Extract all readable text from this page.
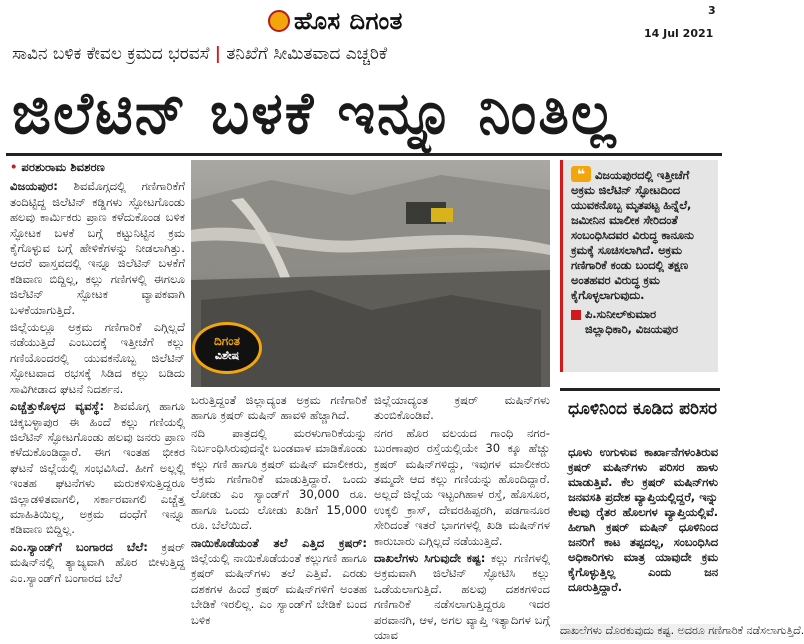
ಹೊಸ ದಿಗಂತ	3
14 Jul 2021
ಸಾವಿನ ಬಳಿಕ ಕೇವಲ ಕ್ರಮದ ಭರವಸೆ | ತನಿಖೆಗೆ ಸೀಮಿತವಾದ ಎಚ್ಚರಿಕೆ
ಜಿಲೆಟಿನ್ ಬಳಕೆ ಇನ್ನೂ ನಿಂತಿಲ್ಲ
• ಪರಶುರಾಮ ಶಿವಶರಣ

ವಿಜಯಪುರ: ಶಿವಮೊಗ್ಗದಲ್ಲಿ ಗಣಿಗಾರಿಕೆಗೆ ತಂದಿಟ್ಟಿದ್ದ ಜಿಲೆಟಿನ್ ಕಡ್ಡಿಗಳು ಸ್ಫೋಟಗೊಂಡು ಹಲವು ಕಾರ್ಮಿಕರು ಪ್ರಾಣ ಕಳೆದುಕೊಂಡ ಬಳಿಕ ಸ್ಫೋಟಕ ಬಳಕೆ ಬಗ್ಗೆ ಕಟ್ಟುನಿಟ್ಟಿನ ಕ್ರಮ ಕೈಗೊಳ್ಳುವ ಬಗ್ಗೆ ಹೇಳಿಕೆಗಳನ್ನು ನೀಡಲಾಗಿತ್ತು. ಆದರೆ ವಾಸ್ತವದಲ್ಲಿ ಇನ್ನೂ ಜಿಲೆಟಿನ್ ಬಳಕೆಗೆ ಕಡಿವಾಣ ಬಿದ್ದಿಲ್ಲ, ಕಲ್ಲು ಗಣಿಗಳಲ್ಲಿ ಈಗಲೂ ಜಿಲೆಟಿನ್ ಸ್ಫೋಟಕ ವ್ಯಾಪಕವಾಗಿ ಬಳಕೆಯಾಗುತ್ತಿದೆ.

ಜಿಲ್ಲೆಯಲ್ಲೂ ಅಕ್ರಮ ಗಣಿಗಾರಿಕೆ ಎಗ್ಗಿಲ್ಲದೆ ನಡೆಯುತ್ತಿದೆ ಎಂಬುದಕ್ಕೆ ಇತ್ತೀಚೆಗೆ ಕಲ್ಲು ಗಣಿಯೊಂದರಲ್ಲಿ ಯುವಕನೊಬ್ಬ ಜಿಲೆಟಿನ್ ಸ್ಫೋಟವಾದ ರಭಸಕ್ಕೆ ಸಿಡಿದ ಕಲ್ಲು ಬಡಿದು ಸಾವಿಗೀಡಾದ ಘಟನೆ ನಿದರ್ಶನ.

ಎಚ್ಚೆತ್ತುಕೊಳ್ಳದ ವ್ಯವಸ್ಥೆ: ಶಿವಮೊಗ್ಗ ಹಾಗೂ ಚಿಕ್ಕಬಳ್ಳಾಪುರ ಈ ಹಿಂದೆ ಕಲ್ಲು ಗಣಿಯಲ್ಲಿ ಜಿಲೆಟಿನ್ ಸ್ಫೋಟಗೊಂಡು ಹಲವು ಜನರು ಪ್ರಾಣ ಕಳೆದುಕೊಂಡಿದ್ದಾರೆ. ಈಗ ಇಂತಹ ಭೀಕರ ಘಟನೆ ಜಿಲ್ಲೆಯಲ್ಲಿ ಸಂಭವಿಸಿದೆ. ಹೀಗೆ ಅಲ್ಲಲ್ಲಿ ಇಂತಹ ಘಟನೆಗಳು ಮರುಕಳಿಸುತ್ತಿದ್ದರೂ ಜಿಲ್ಲಾಡಳಿತವಾಗಲಿ, ಸರ್ಕಾರವಾಗಲಿ ಎಚ್ಚೆತ್ತ ಮಾಹಿತಿಯಿಲ್ಲ, ಅಕ್ರಮ ದಂಧೆಗೆ ಇನ್ನೂ ಕಡಿವಾಣ ಬಿದ್ದಿಲ್ಲ.

ಎಂ.ಸ್ಯಾಂಡ್‌ಗೆ ಬಂಗಾರದ ಬೆಲೆ: ಕ್ರಷರ್ ಮಷಿನ್‌ನಲ್ಲಿ ತ್ಯಾಜ್ಯವಾಗಿ ಹೊರ ಬೀಳುತ್ತಿದ್ದ ಎಂ.ಸ್ಯಾಂಡ್‌ಗೆ ಬಂಗಾರದ ಬೆಲೆ

ದಿಗಂತ
ವಿಶೇಷ

ಬರುತ್ತಿದ್ದಂತೆ ಜಿಲ್ಲಾದ್ಯಂತ ಅಕ್ರಮ ಗಣಿಗಾರಿಕೆ ಹಾಗೂ ಕ್ರಷರ್ ಮಷಿನ್ ಹಾವಳಿ ಹೆಚ್ಚಾಗಿದೆ.

ನದಿ ಪಾತ್ರದಲ್ಲಿ ಮರಳುಗಾರಿಕೆಯನ್ನು ನಿರ್ಬಂಧಿಸಿರುವುದನ್ನೇ ಬಂಡವಾಳ ಮಾಡಿಕೊಂಡು ಕಲ್ಲು ಗಣಿ ಹಾಗೂ ಕ್ರಷರ್ ಮಷಿನ್ ಮಾಲೀಕರು, ಅಕ್ರಮ ಗಣಿಗಾರಿಕೆ ಮಾಡುತ್ತಿದ್ದಾರೆ. ಒಂದು ಲೋಡು ಎಂ ಸ್ಯಾಂಡ್‌ಗೆ 30,000 ರೂ. ಹಾಗೂ ಒಂದು ಲೋಡು ಖಡಿಗೆ 15,000 ರೂ. ಬೆಲೆಯಿದೆ.

ನಾಯಿಕೊಡೆಯಂತೆ ತಲೆ ಎತ್ತಿದ ಕ್ರಷರ್: ಜಿಲ್ಲೆಯಲ್ಲಿ ನಾಯಿಕೊಡೆಯಂತೆ ಕಲ್ಲುಗಣಿ ಹಾಗೂ ಕ್ರಷರ್ ಮಷಿನ್‌ಗಳು ತಲೆ ಎತ್ತಿವೆ. ಎರಡು ದಶಕಗಳ ಹಿಂದೆ ಕ್ರಷರ್ ಮಷಿನ್‌ಗಳಿಗೆ ಅಂತಹ ಬೇಡಿಕೆ ಇರಲಿಲ್ಲ. ಎಂ ಸ್ಯಾಂಡ್‌ಗೆ ಬೇಡಿಕೆ ಬಂದ ಬಳಿಕ

ಜಿಲ್ಲೆಯಾದ್ಯಂತ ಕ್ರಷರ್ ಮಷಿನ್‌ಗಳು ತುಂಬಿಕೊಂಡಿವೆ.

ನಗರ ಹೊರ ವಲಯದ ಗಾಂಧಿ ನಗರ- ಬುರಣಾಪುರ ರಸ್ತೆಯಲ್ಲಿಯೇ 30 ಕ್ಕೂ ಹೆಚ್ಚು ಕ್ರಷರ್ ಮಷಿನ್‌ಗಳಿದ್ದು, ಇವುಗಳ ಮಾಲೀಕರು ತಮ್ಮದೇ ಆದ ಕಲ್ಲು ಗಣಿಯನ್ನು ಹೊಂದಿದ್ದಾರೆ. ಅಲ್ಲದೆ ಜಿಲ್ಲೆಯ ಇಟ್ಟಂಗಿಹಾಳ ರಸ್ತೆ, ಹೊಸೂರ, ಉಕ್ಕಲಿ ಕ್ರಾಸ್, ದೇವರಹಿಪ್ಪರಗಿ, ಪಡಗಾನೂರ ಸೇರಿದಂತೆ ಇತರೆ ಭಾಗಗಳಲ್ಲಿ ಖಡಿ ಮಷಿನ್‌ಗಳ ಕಾರುಬಾರು ಎಗ್ಗಿಲ್ಲದೆ ನಡೆಯುತ್ತಿದೆ.

ದಾಖಲೆಗಳು ಸಿಗುವುದೇ ಕಷ್ಟ: ಕಲ್ಲು ಗಣಿಗಳಲ್ಲಿ ಅಕ್ರಮವಾಗಿ ಜಿಲೆಟಿನ್ ಸ್ಫೋಟಿಸಿ ಕಲ್ಲು ಒಡೆಯಲಾಗುತ್ತಿದೆ. ಹಲವು ದಶಕಗಳಿಂದ ಗಣಿಗಾರಿಕೆ ನಡೆಸಲಾಗುತ್ತಿದ್ದರೂ ಇದರ ಪರವಾನಗಿ, ಆಳ, ಅಗಲ ವ್ಯಾಪ್ತಿ ಇತ್ಯಾದಿಗಳ ಬಗ್ಗೆ ಯಾವ

❝ ವಿಜಯಪುರದಲ್ಲಿ ಇತ್ತೀಚೆಗೆ ಅಕ್ರಮ ಜಿಲೆಟಿನ್ ಸ್ಫೋಟದಿಂದ ಯುವಕನೊಬ್ಬ ಮೃತಪಟ್ಟ ಹಿನ್ನೆಲೆ, ಜಮೀನಿನ ಮಾಲೀಕ ಸೇರಿದಂತೆ ಸಂಬಂಧಿಸಿದವರ ವಿರುದ್ಧ ಕಾನೂನು ಕ್ರಮಕ್ಕೆ ಸೂಚಿಸಲಾಗಿದೆ. ಅಕ್ರಮ ಗಣಿಗಾರಿಕೆ ಕಂಡು ಬಂದಲ್ಲಿ ತಕ್ಷಣ ಅಂತಹವರ ವಿರುದ್ಧ ಕ್ರಮ ಕೈಗೊಳ್ಳಲಾಗುವುದು.
ಪಿ.ಸುನೀಲ್‌ಕುಮಾರ
ಜಿಲ್ಲಾಧಿಕಾರಿ, ವಿಜಯಪುರ
ಧೂಳಿನಿಂದ ಕೂಡಿದ ಪರಿಸರ
ಧೂಳು ಉಗುಳುವ ಕಾರ್ಖಾನೆಗಳಂತಿರುವ ಕ್ರಷರ್ ಮಷಿನ್‌ಗಳು ಪರಿಸರ ಹಾಳು ಮಾಡುತ್ತಿವೆ. ಕೆಲ ಕ್ರಷರ್ ಮಷಿನ್‌ಗಳು ಜನವಸತಿ ಪ್ರದೇಶ ವ್ಯಾಪ್ತಿಯಲ್ಲಿದ್ದರೆ, ಇನ್ನು ಕೆಲವು ರೈತರ ಹೊಲಗಳ ವ್ಯಾಪ್ತಿಯಲ್ಲಿವೆ. ಹೀಗಾಗಿ ಕ್ರಷರ್ ಮಷಿನ್ ಧೂಳಿನಿಂದ ಜನರಿಗೆ ಕಾಟ ತಪ್ಪದಲ್ಲ, ಸಂಬಂಧಿಸಿದ ಅಧಿಕಾರಿಗಳು ಮಾತ್ರ ಯಾವುದೇ ಕ್ರಮ ಕೈಗೊಳ್ಳುತ್ತಿಲ್ಲ ಎಂದು ಜನ ದೂರುತ್ತಿದ್ದಾರೆ.
ದಾಖಲೆಗಳು ದೊರಕುವುದು ಕಷ್ಟ. ಅದರೂ ಗಣಿಗಾರಿಕೆ ನಡೆಸಲಾಗುತ್ತಿದೆ.
